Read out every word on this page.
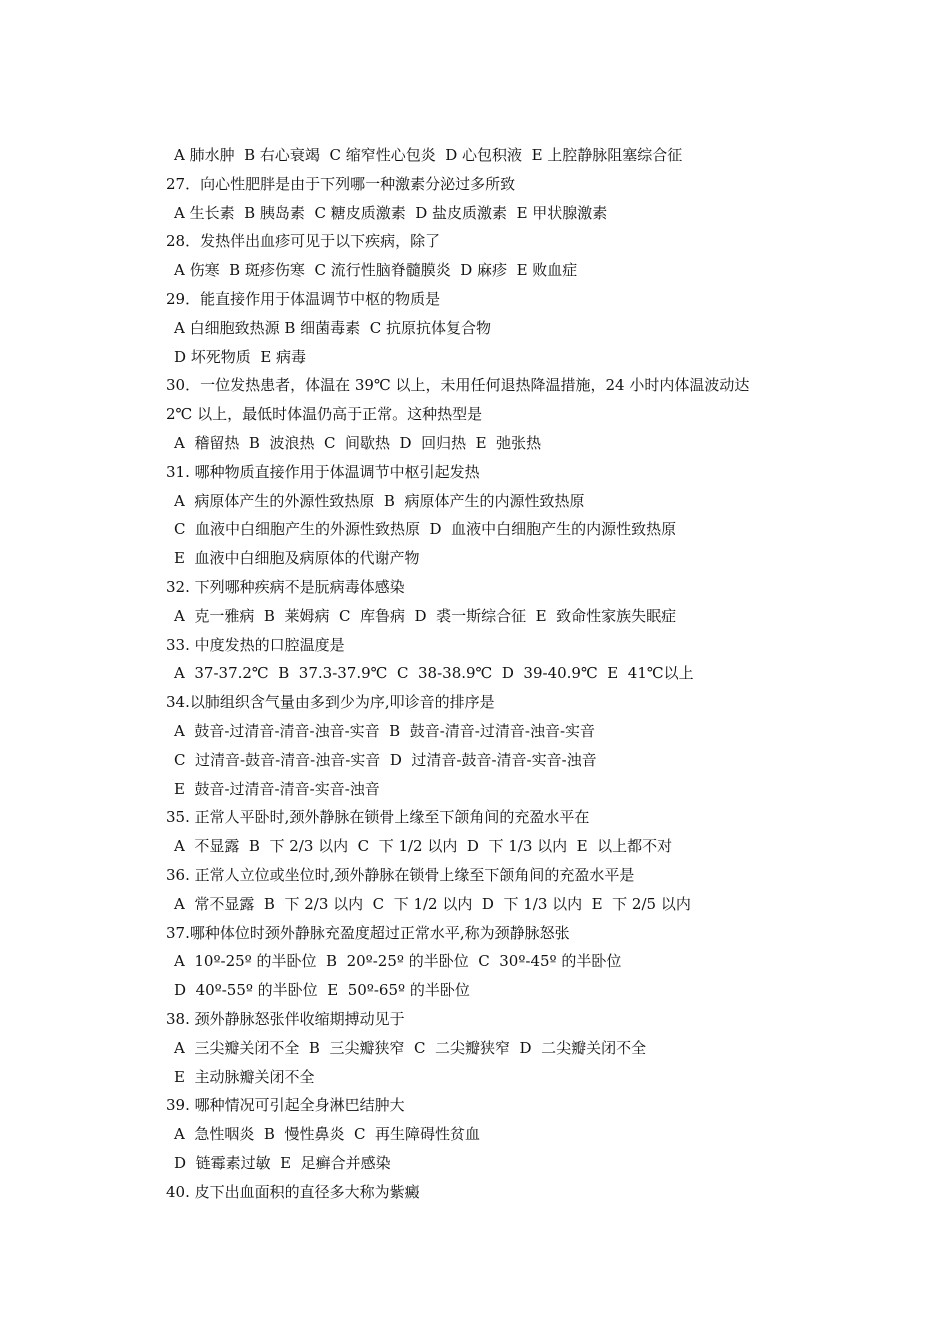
A 肺水肿  B 右心衰竭  C 缩窄性心包炎  D 心包积液  E 上腔静脉阻塞综合征
27．向心性肥胖是由于下列哪一种激素分泌过多所致
A 生长素  B 胰岛素  C 糖皮质激素  D 盐皮质激素  E 甲状腺激素
28．发热伴出血疹可见于以下疾病，除了
A 伤寒  B 斑疹伤寒  C 流行性脑脊髓膜炎  D 麻疹  E 败血症
29．能直接作用于体温调节中枢的物质是
A 白细胞致热源 B 细菌毒素  C 抗原抗体复合物
D 坏死物质  E 病毒
30．一位发热患者，体温在 39℃ 以上，未用任何退热降温措施，24 小时内体温波动达
2℃ 以上，最低时体温仍高于正常。这种热型是
A  稽留热  B  波浪热  C  间歇热  D  回归热  E  弛张热
31. 哪种物质直接作用于体温调节中枢引起发热
A  病原体产生的外源性致热原  B  病原体产生的内源性致热原
C  血液中白细胞产生的外源性致热原  D  血液中白细胞产生的内源性致热原
E  血液中白细胞及病原体的代谢产物
32. 下列哪种疾病不是朊病毒体感染
A  克一雅病  B  莱姆病  C  库鲁病  D  裘一斯综合征  E  致命性家族失眠症
33. 中度发热的口腔温度是
A  37-37.2℃  B  37.3-37.9℃  C  38-38.9℃  D  39-40.9℃  E  41℃以上
34.以肺组织含气量由多到少为序,叩诊音的排序是
A  鼓音-过清音-清音-浊音-实音  B  鼓音-清音-过清音-浊音-实音
C  过清音-鼓音-清音-浊音-实音  D  过清音-鼓音-清音-实音-浊音
E  鼓音-过清音-清音-实音-浊音
35. 正常人平卧时,颈外静脉在锁骨上缘至下颌角间的充盈水平在
A  不显露  B  下 2/3 以内  C  下 1/2 以内  D  下 1/3 以内  E  以上都不对
36. 正常人立位或坐位时,颈外静脉在锁骨上缘至下颌角间的充盈水平是
A  常不显露  B  下 2/3 以内  C  下 1/2 以内  D  下 1/3 以内  E  下 2/5 以内
37.哪种体位时颈外静脉充盈度超过正常水平,称为颈静脉怒张
A  10º-25º 的半卧位  B  20º-25º 的半卧位  C  30º-45º 的半卧位
D  40º-55º 的半卧位  E  50º-65º 的半卧位
38. 颈外静脉怒张伴收缩期搏动见于
A  三尖瓣关闭不全  B  三尖瓣狭窄  C  二尖瓣狭窄  D  二尖瓣关闭不全
E  主动脉瓣关闭不全
39. 哪种情况可引起全身淋巴结肿大
A  急性咽炎  B  慢性鼻炎  C  再生障碍性贫血
D  链霉素过敏  E  足癣合并感染
40. 皮下出血面积的直径多大称为紫癜
